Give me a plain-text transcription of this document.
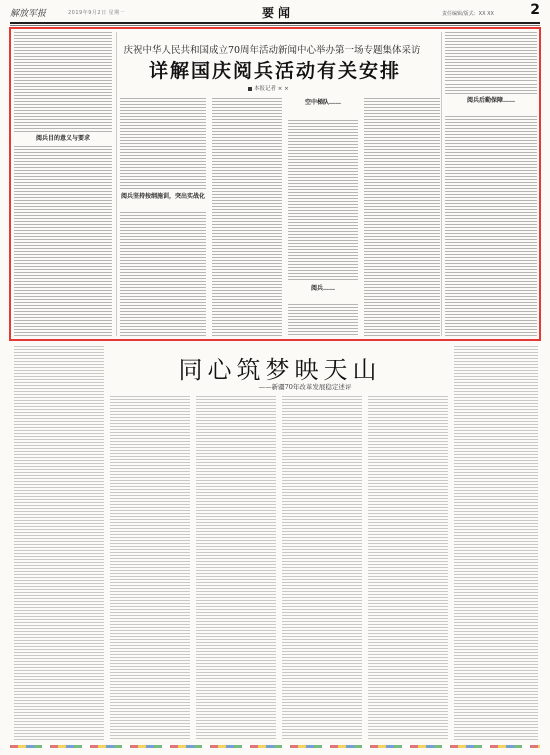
解放军报	2019年9月2日 星期一	要闻	责任编辑/版式：XX XX	2
阅兵目的意义与要求
阅兵后勤保障……
庆祝中华人民共和国成立70周年活动新闻中心举办第一场专题集体采访
详解国庆阅兵活动有关安排
本报记者 × ×
阅兵坚持按纲施训，突出实战化
空中梯队……
阅兵……
同心筑梦映天山
——新疆70年改革发展稳定述评
